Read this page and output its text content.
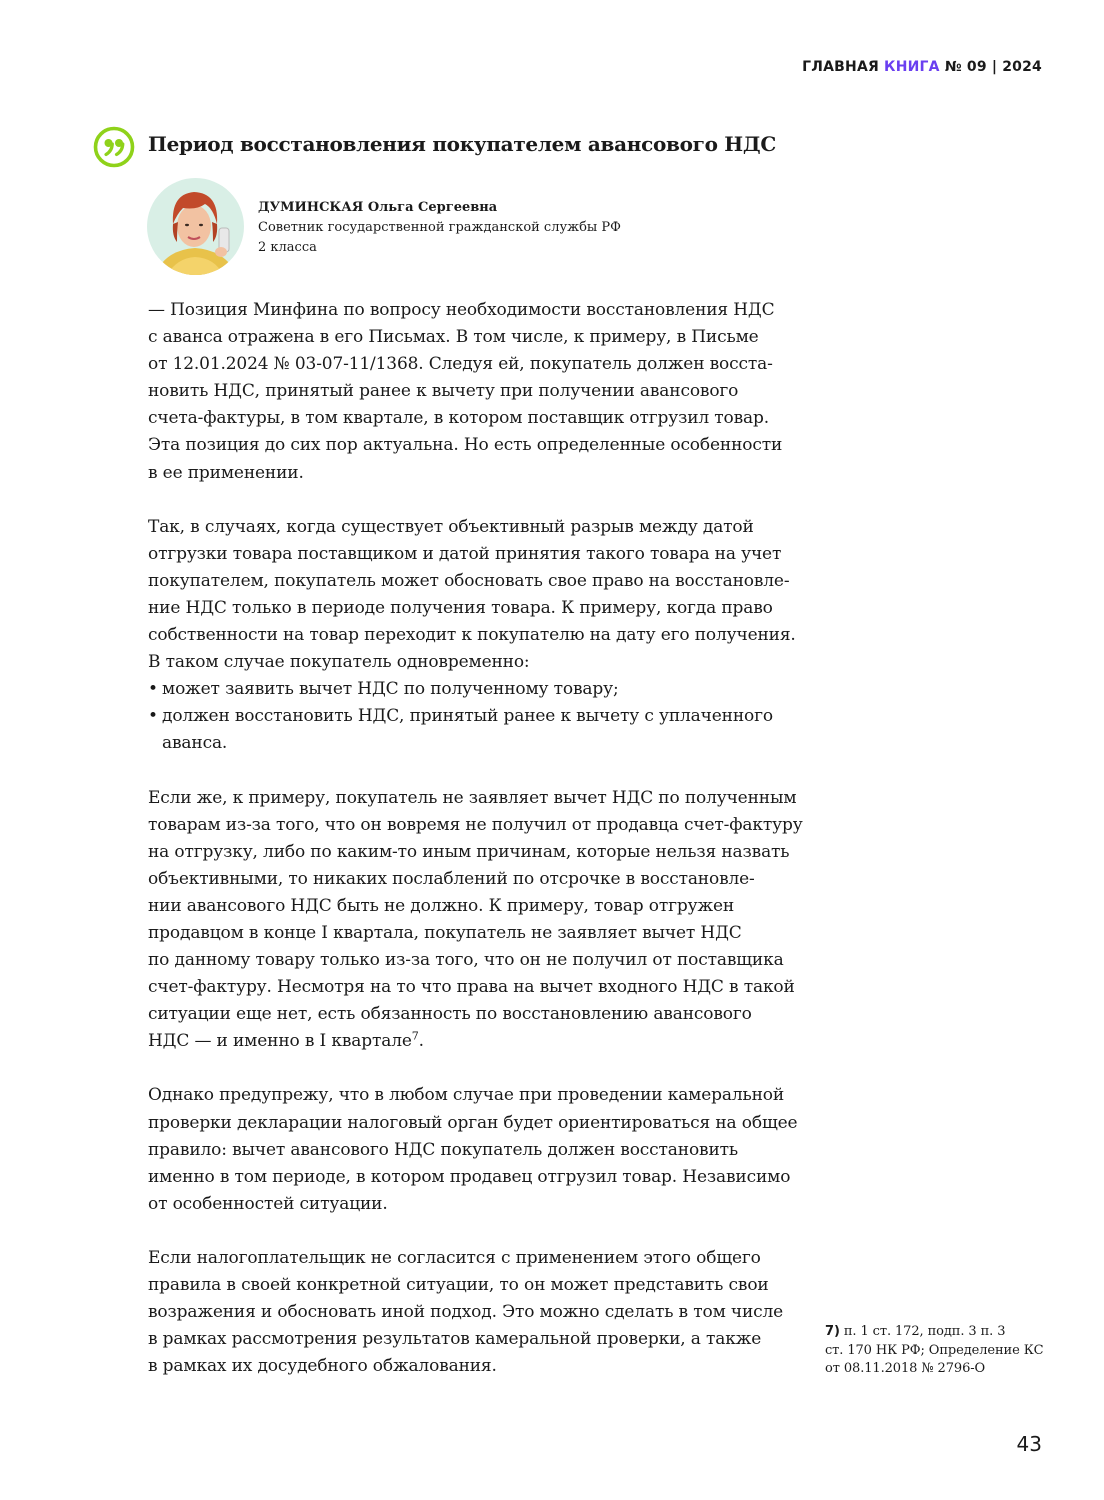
ГЛАВНАЯ КНИГА № 09 | 2024
Период восстановления покупателем авансового НДС
ДУМИНСКАЯ Ольга Сергеевна
Советник государственной гражданской службы РФ
2 класса

— Позиция Минфина по вопросу необходимости восстановления НДС
с аванса отражена в его Письмах. В том числе, к примеру, в Письме
от 12.01.2024 № 03-07-11/1368. Следуя ей, покупатель должен восста-
новить НДС, принятый ранее к вычету при получении авансового
счета-фактуры, в том квартале, в котором поставщик отгрузил товар.
Эта позиция до сих пор актуальна. Но есть определенные особенности
в ее применении.

Так, в случаях, когда существует объективный разрыв между датой
отгрузки товара поставщиком и датой принятия такого товара на учет
покупателем, покупатель может обосновать свое право на восстановле-
ние НДС только в периоде получения товара. К примеру, когда право
собственности на товар переходит к покупателю на дату его получения.
В таком случае покупатель одновременно:
• может заявить вычет НДС по полученному товару;
• должен восстановить НДС, принятый ранее к вычету с уплаченного
аванса.

Если же, к примеру, покупатель не заявляет вычет НДС по полученным
товарам из-за того, что он вовремя не получил от продавца счет-фактуру
на отгрузку, либо по каким-то иным причинам, которые нельзя назвать
объективными, то никаких послаблений по отсрочке в восстановле-
нии авансового НДС быть не должно. К примеру, товар отгружен
продавцом в конце I квартала, покупатель не заявляет вычет НДС
по данному товару только из-за того, что он не получил от поставщика
счет-фактуру. Несмотря на то что права на вычет входного НДС в такой
ситуации еще нет, есть обязанность по восстановлению авансового
НДС — и именно в I квартале$^7$.

Однако предупрежу, что в любом случае при проведении камеральной
проверки декларации налоговый орган будет ориентироваться на общее
правило: вычет авансового НДС покупатель должен восстановить
именно в том периоде, в котором продавец отгрузил товар. Независимо
от особенностей ситуации.

Если налогоплательщик не согласится с применением этого общего
правила в своей конкретной ситуации, то он может представить свои
возражения и обосновать иной подход. Это можно сделать в том числе
в рамках рассмотрения результатов камеральной проверки, а также
в рамках их досудебного обжалования.

7) п. 1 ст. 172, подп. 3 п. 3
ст. 170 НК РФ; Определение КС
от 08.11.2018 № 2796-О
43
